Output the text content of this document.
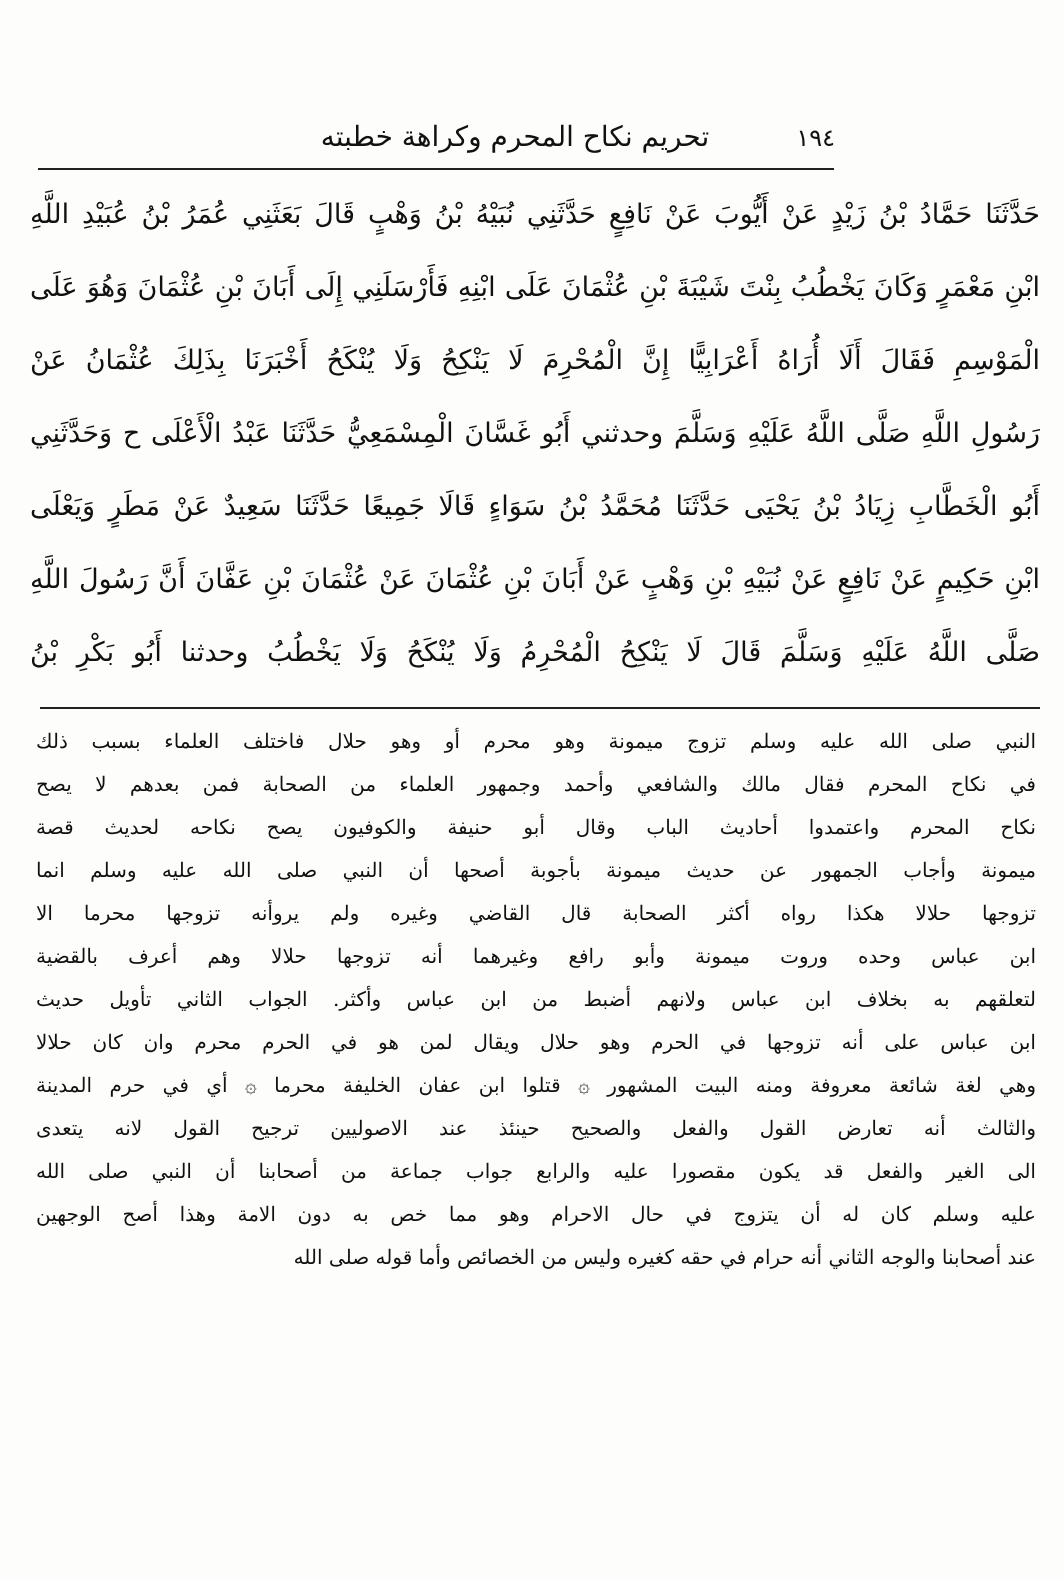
١٩٤
تحريم نكاح المحرم وكراهة خطبته
حَدَّثَنَا حَمَّادُ بْنُ زَيْدٍ عَنْ أَيُّوبَ عَنْ نَافِعٍ حَدَّثَنِي نُبَيْهُ بْنُ وَهْبٍ قَالَ بَعَثَنِي عُمَرُ بْنُ عُبَيْدِ اللَّهِ
ابْنِ مَعْمَرٍ وَكَانَ يَخْطُبُ بِنْتَ شَيْبَةَ بْنِ عُثْمَانَ عَلَى ابْنِهِ فَأَرْسَلَنِي إِلَى أَبَانَ بْنِ عُثْمَانَ وَهُوَ عَلَى
الْمَوْسِمِ فَقَالَ أَلَا أُرَاهُ أَعْرَابِيًّا إِنَّ الْمُحْرِمَ لَا يَنْكِحُ وَلَا يُنْكَحُ أَخْبَرَنَا بِذَلِكَ عُثْمَانُ عَنْ
رَسُولِ اللَّهِ صَلَّى اللَّهُ عَلَيْهِ وَسَلَّمَ وحدثني أَبُو غَسَّانَ الْمِسْمَعِيُّ حَدَّثَنَا عَبْدُ الْأَعْلَى ح وَحَدَّثَنِي
أَبُو الْخَطَّابِ زِيَادُ بْنُ يَحْيَى حَدَّثَنَا مُحَمَّدُ بْنُ سَوَاءٍ قَالَا جَمِيعًا حَدَّثَنَا سَعِيدٌ عَنْ مَطَرٍ وَيَعْلَى
ابْنِ حَكِيمٍ عَنْ نَافِعٍ عَنْ نُبَيْهِ بْنِ وَهْبٍ عَنْ أَبَانَ بْنِ عُثْمَانَ عَنْ عُثْمَانَ بْنِ عَفَّانَ أَنَّ رَسُولَ اللَّهِ
صَلَّى اللَّهُ عَلَيْهِ وَسَلَّمَ قَالَ لَا يَنْكِحُ الْمُحْرِمُ وَلَا يُنْكَحُ وَلَا يَخْطُبُ وحدثنا أَبُو بَكْرِ بْنُ
النبي صلى الله عليه وسلم تزوج ميمونة وهو محرم أو وهو حلال فاختلف العلماء بسبب ذلك
في نكاح المحرم فقال مالك والشافعي وأحمد وجمهور العلماء من الصحابة فمن بعدهم لا يصح
نكاح المحرم واعتمدوا أحاديث الباب وقال أبو حنيفة والكوفيون يصح نكاحه لحديث قصة
ميمونة وأجاب الجمهور عن حديث ميمونة بأجوبة أصحها أن النبي صلى الله عليه وسلم انما
تزوجها حلالا هكذا رواه أكثر الصحابة قال القاضي وغيره ولم يروأنه تزوجها محرما الا
ابن عباس وحده وروت ميمونة وأبو رافع وغيرهما أنه تزوجها حلالا وهم أعرف بالقضية
لتعلقهم به بخلاف ابن عباس ولانهم أضبط من ابن عباس وأكثر. الجواب الثاني تأويل حديث
ابن عباس على أنه تزوجها في الحرم وهو حلال ويقال لمن هو في الحرم محرم وان كان حلالا
وهي لغة شائعة معروفة ومنه البيت المشهور ۞ قتلوا ابن عفان الخليفة محرما ۞ أي في حرم المدينة
والثالث أنه تعارض القول والفعل والصحيح حينئذ عند الاصوليين ترجيح القول لانه يتعدى
الى الغير والفعل قد يكون مقصورا عليه والرابع جواب جماعة من أصحابنا أن النبي صلى الله
عليه وسلم كان له أن يتزوج في حال الاحرام وهو مما خص به دون الامة وهذا أصح الوجهين
عند أصحابنا والوجه الثاني أنه حرام في حقه كغيره وليس من الخصائص وأما قوله صلى الله
